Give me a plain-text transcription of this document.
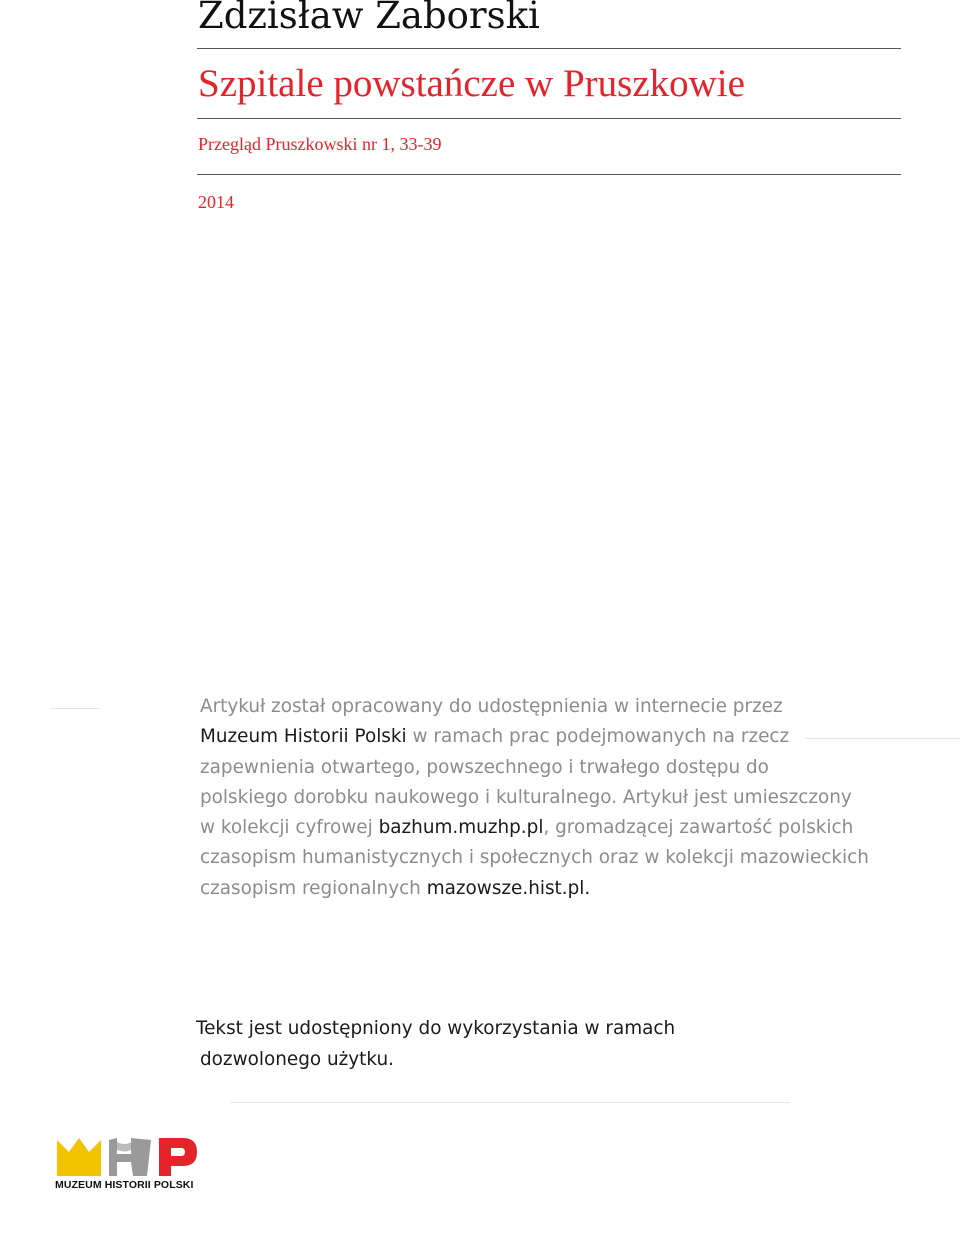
Zdzisław Zaborski
Szpitale powstańcze w Pruszkowie
Przegląd Pruszkowski nr 1, 33-39
2014
Artykuł został opracowany do udostępnienia w internecie przez
Muzeum Historii Polski w ramach prac podejmowanych na rzecz
zapewnienia otwartego, powszechnego i trwałego dostępu do
polskiego dorobku naukowego i kulturalnego. Artykuł jest umieszczony
w kolekcji cyfrowej bazhum.muzhp.pl, gromadzącej zawartość polskich
czasopism humanistycznych i społecznych oraz w kolekcji mazowieckich
czasopism regionalnych mazowsze.hist.pl.
Tekst jest udostępniony do wykorzystania w ramach
dozwolonego użytku.
MUZEUM HISTORII POLSKI
